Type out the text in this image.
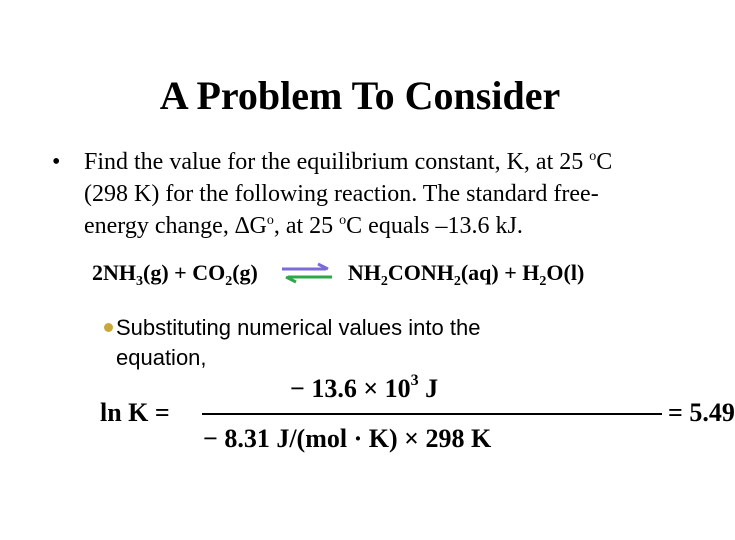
A Problem To Consider
• Find the value for the equilibrium constant, K, at 25 $^o$C
(298 K) for the following reaction. The standard free-
energy change, $\Delta G^o$, at 25 $^o$C equals –13.6 kJ.
$2NH_3(g) + CO_2(g)$ ⇌ $NH_2CONH_2(aq) + H_2O(l)$
Substituting numerical values into the
equation,
ln K =
− $13.6 \times 10^3$ J
− 8.31 J/(mol · K) × 298 K
= 5.49
